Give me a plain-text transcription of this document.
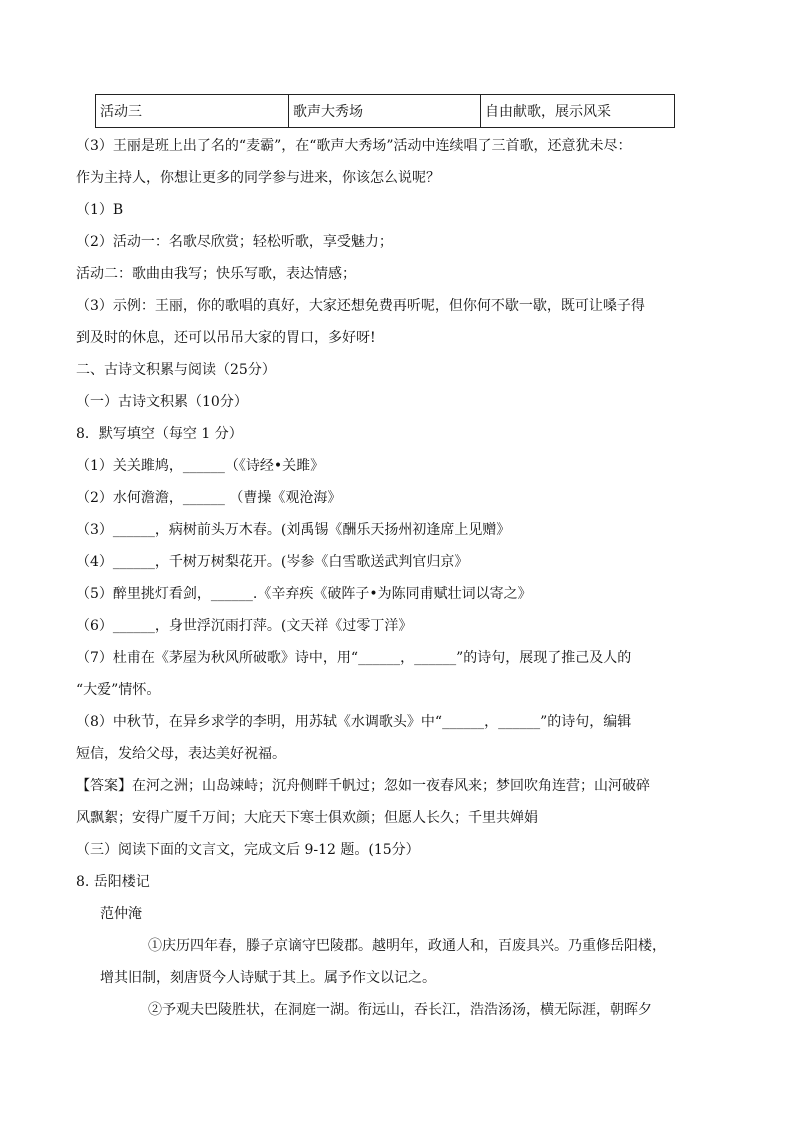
活动三	歌声大秀场	自由献歌，展示风采
（3）王丽是班上出了名的“麦霸”，在“歌声大秀场”活动中连续唱了三首歌，还意犹未尽：
作为主持人，你想让更多的同学参与进来，你该怎么说呢？
（1）B
（2）活动一：名歌尽欣赏；轻松听歌，享受魅力；
活动二：歌曲由我写；快乐写歌，表达情感；
（3）示例：王丽，你的歌唱的真好，大家还想免费再听呢，但你何不歇一歇，既可让嗓子得
到及时的休息，还可以吊吊大家的胃口，多好呀!
二、古诗文积累与阅读（25分）
（一）古诗文积累（10分）
8．默写填空（每空 1 分）
（1）关关雎鸠，______（《诗经•关雎》
（2）水何澹澹，______ （曹操《观沧海》
（3）______，病树前头万木春。(刘禹锡《酬乐天扬州初逢席上见赠》
（4）______，千树万树梨花开。(岑参《白雪歌送武判官归京》
（5）醉里挑灯看剑，______.《辛弃疾《破阵子•为陈同甫赋壮词以寄之》
（6）______，身世浮沉雨打萍。(文天祥《过零丁洋》
（7）杜甫在《茅屋为秋风所破歌》诗中，用“______，______”的诗句，展现了推己及人的
“大爱”情怀。
（8）中秋节，在异乡求学的李明，用苏轼《水调歌头》中“______，______”的诗句，编辑
短信，发给父母，表达美好祝福。
【答案】在河之洲；山岛竦峙；沉舟侧畔千帆过；忽如一夜春风来；梦回吹角连营；山河破碎
风飘絮；安得广厦千万间；大庇天下寒士俱欢颜；但愿人长久；千里共婵娟
（三）阅读下面的文言文，完成文后 9-12 题。(15分）
8. 岳阳楼记
范仲淹
①庆历四年春，滕子京谪守巴陵郡。越明年，政通人和，百废具兴。乃重修岳阳楼，
增其旧制，刻唐贤今人诗赋于其上。属予作文以记之。
②予观夫巴陵胜状，在洞庭一湖。衔远山，吞长江，浩浩汤汤，横无际涯，朝晖夕
